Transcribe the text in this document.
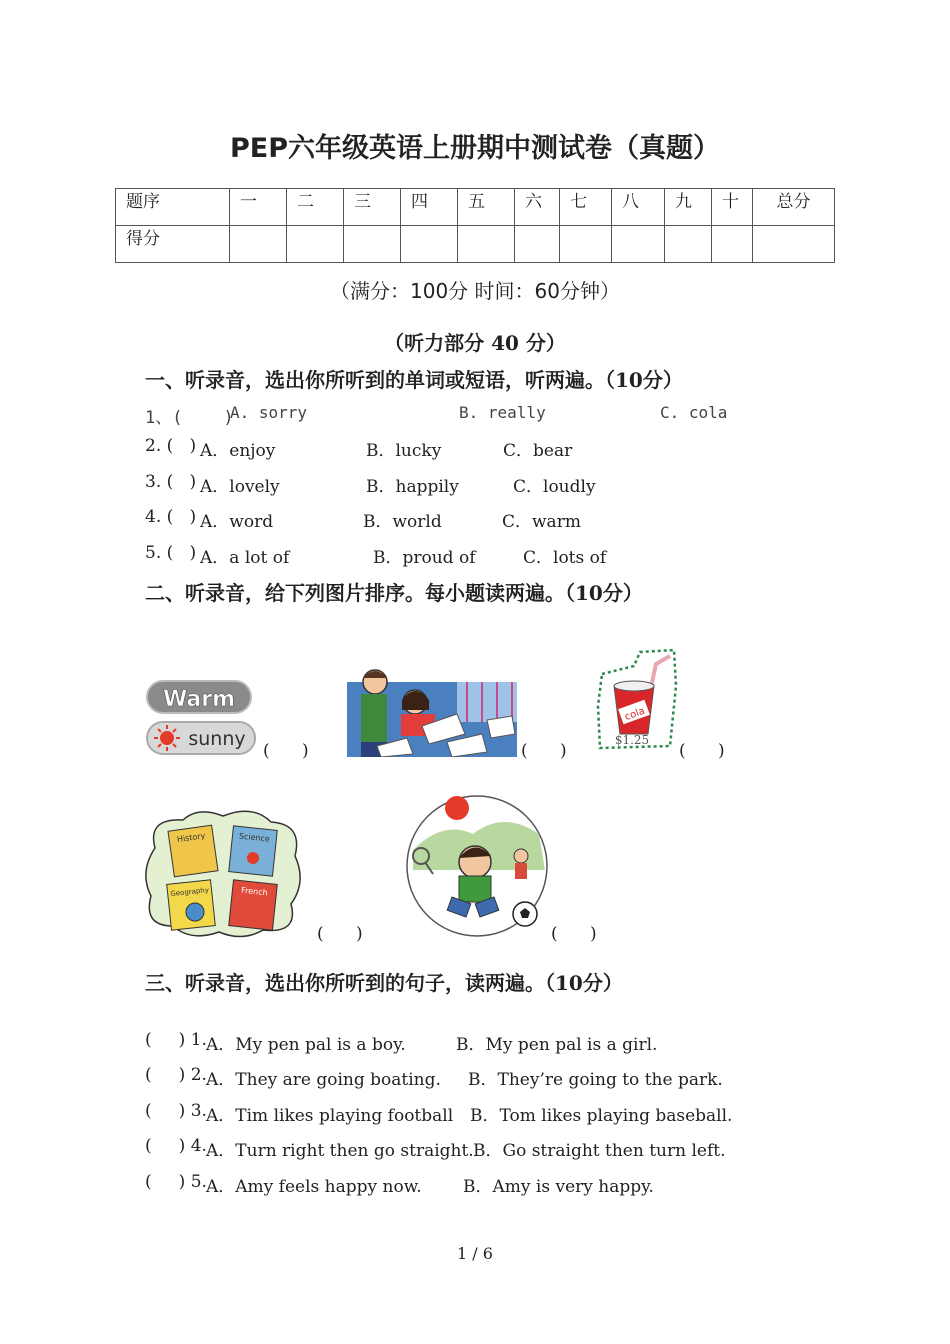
PEP六年级英语上册期中测试卷（真题）
题序	一	二	三	四	五	六	七	八	九	十	总分
得分											
（满分：100分 时间：60分钟）
（听力部分 40 分）
一、听录音，选出你所听到的单词或短语，听两遍。（10分）
1、(    )
A. sorry	B. really	C. cola
2. (   ) A．enjoy	B．lucky	C．bear
3. (   ) A．lovely	B．happily	C．loudly
4. (   ) A．word	B．world	C．warm
5. (   ) A．a lot of	B．proud of	C．lots of
二、听录音，给下列图片排序。每小题读两遍。（10分）
Warm
sunny
(      )	(      )
cola
$1.25
(      )
History	Science
Geography	French
(      )	(      )
三、听录音，选出你所听到的句子，读两遍。（10分）
(     ) 1. A．My pen pal is a boy.	B．My pen pal is a girl.
(     ) 2. A．They are going boating. B．They’re going to the park.
(     ) 3. A．Tim likes playing football B．Tom likes playing baseball.
(     ) 4. A．Turn right then go straight. B．Go straight then turn left.
(     ) 5. A．Amy feels happy now. B．Amy is very happy.
1 / 6
